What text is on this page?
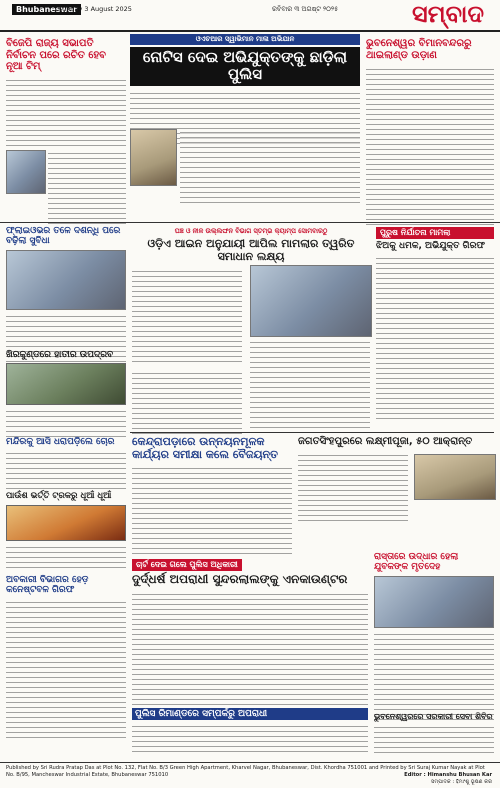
Bhubaneswar
Sunday 3 August 2025	ରବିବାର ୩ ଅଗଷ୍ଟ ୨୦୨୫	ସମ୍ବାଦ
ବିଜେପି ରାଜ୍ୟ ସଭାପତି ନିର୍ବାଚନ ପରେ ରଚିତ ହେବ ନୂଆ ଟିମ୍
ଓଏଚଆର ସ୍ୱାଭିମାନ ମାଳା ଅଭିଯାନ
ନୋଟିସ ଦେଇ ଅଭିଯୁକ୍ତଙ୍କୁ ଛାଡ଼ିଲା ପୁଲିସ
ଭୁବନେଶ୍ୱର ବିମାନବନ୍ଦରରୁ ଥାଇଲାଣ୍ଡ ଉଡ଼ାଣ
ଫ୍ଲାଇଓଭର ତଳେ ଦଶନ୍ଧି ପରେ ବଢ଼ିଲା ସୁବିଧା
ଖିରକୁଣ୍ଡରେ ହାତୀର ଉପଦ୍ରବ
ମନ୍ଦିରକୁ ଆସି ଧରାପଡ଼ିଲେ ଚୋର
ପାଉଁଶ ଭର୍ତ୍ତି ଟ୍ରକରୁ ଧୂଆଁ ଧୂଆଁ
ଅବକାରୀ ବିଭାଗର ହେଡ଼ କନେଷ୍ଟବଳ ଗିରଫ
ଘଞ୍ଚ ଓ ନୀଳ ଉଲ୍ଲଙ୍ଘନ ବିଭାଗ ସ୍ତମ୍ଭ କ୍ୟାମ୍ପ ସୋମବାରଠୁ
ଓଡ଼ିଏ ଆଇନ ଅନୁଯାୟୀ ଆପିଲ ମାମଲାର ତ୍ୱରିତ ସମାଧାନ ଲକ୍ଷ୍ୟ
ପୁରୁଷ ନିର୍ଯାତନା ମାମଲା
ଝିଅକୁ ଧମକ, ଅଭିଯୁକ୍ତ ଗିରଫ
କେନ୍ଦ୍ରାପଡ଼ାରେ ଉନ୍ନୟନମୂଳକ କାର୍ଯ୍ୟର ସମୀକ୍ଷା କଲେ ବୈଜୟନ୍ତ
ଜଗତସିଂହପୁରରେ ଲକ୍ଷ୍ମୀପୂଜା, ୫୦ ଆକ୍ରାନ୍ତ
ଚାର୍ଟ ଦେଇ ଗଲେ ପୁଲିସ ଅଧିକାରୀ
ଦୁର୍ଦ୍ଧର୍ଷ ଅପରାଧୀ ସୁନ୍ଦରଲାଲଙ୍କୁ ଏନକାଉଣ୍ଟର
ରାସ୍ତାରେ ଉଦ୍ଧାର ହେଲା ଯୁବକଙ୍କ ମୃତଦେହ
ପୁଲିସ ରିମାଣ୍ଡରେ ସମ୍ପର୍କରୁ ଅପରାଧୀ	ଭୁବନେଶ୍ୱରରେ ସରକାରୀ ସେବା ଶିବିର
Published by Sri Rudra Pratap Das at Plot No. 132, Flat No. B/3 Green High Apartment, Kharvel Nagar, Bhubaneswar, Dist. Khordha 751001 and Printed by Sri Suraj Kumar Nayak at Plot No. B/95, Mancheswar Industrial Estate, Bhubaneswar 751010	Editor : Himanshu Bhusan Kar
ସମ୍ପାଦକ : ହିମାଂଶୁ ଭୂଷଣ କର
